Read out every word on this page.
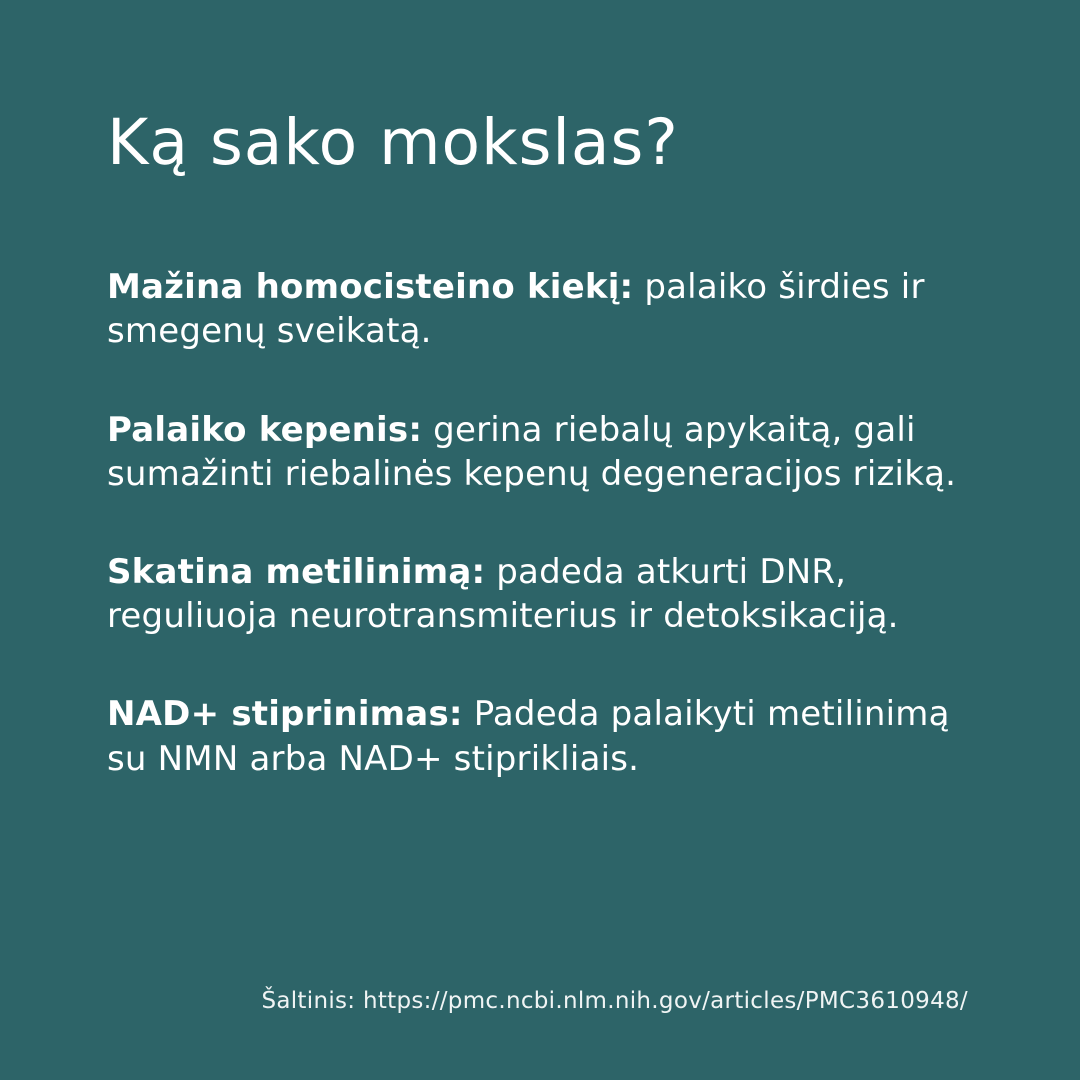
Ką sako mokslas?

Mažina homocisteino kiekį: palaiko širdies ir smegenų sveikatą.

Palaiko kepenis: gerina riebalų apykaitą, gali sumažinti riebalinės kepenų degeneracijos riziką.

Skatina metilinimą: padeda atkurti DNR, reguliuoja neurotransmiterius ir detoksikaciją.

NAD+ stiprinimas: Padeda palaikyti metilinimą su NMN arba NAD+ stiprikliais.

Šaltinis: https://pmc.ncbi.nlm.nih.gov/articles/PMC3610948/
